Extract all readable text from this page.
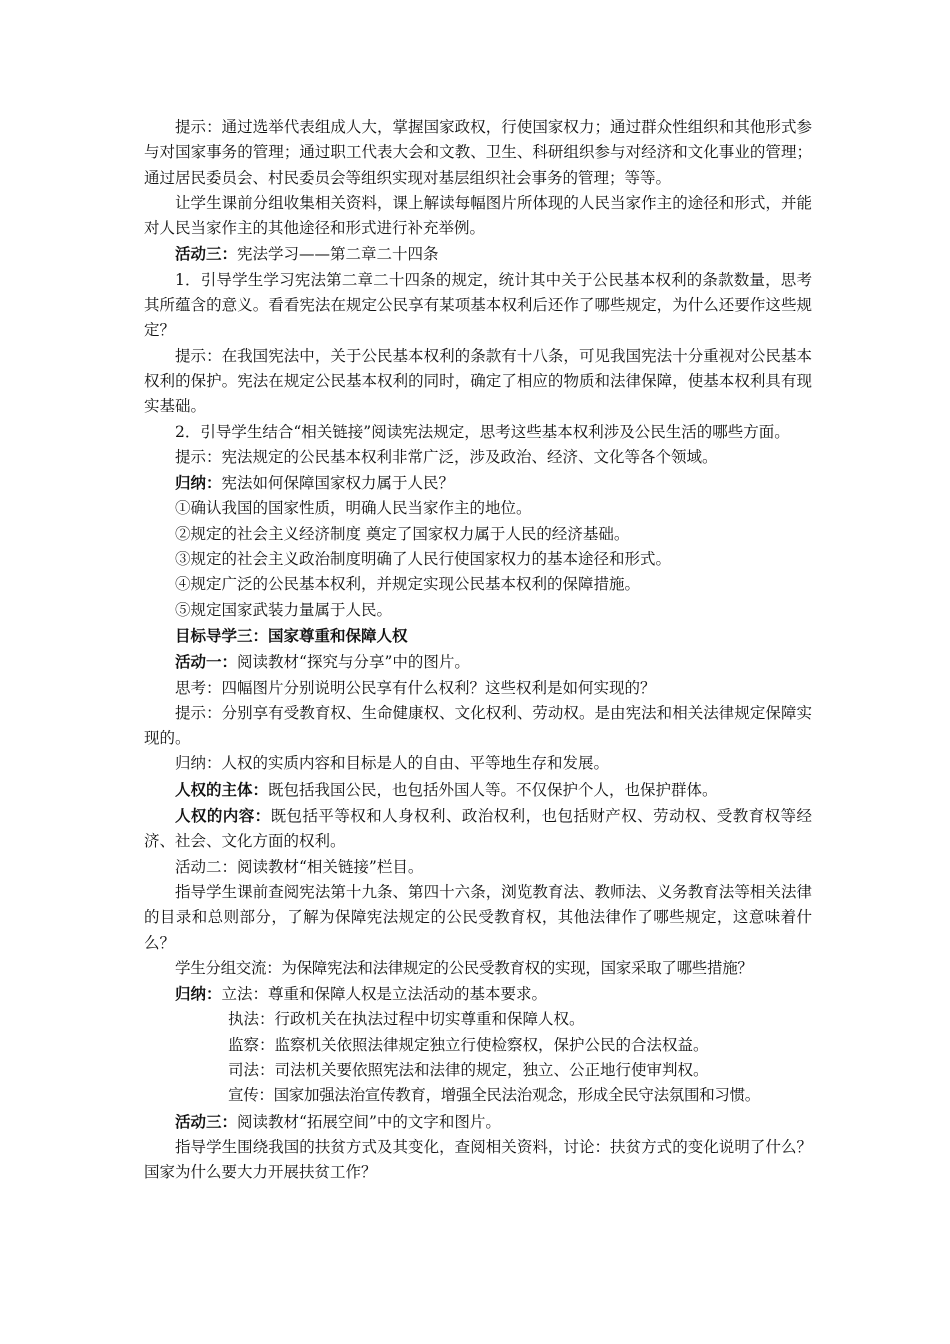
提示：通过选举代表组成人大，掌握国家政权，行使国家权力；通过群众性组织和其他形式参与对国家事务的管理；通过职工代表大会和文教、卫生、科研组织参与对经济和文化事业的管理；通过居民委员会、村民委员会等组织实现对基层组织社会事务的管理；等等。

让学生课前分组收集相关资料，课上解读每幅图片所体现的人民当家作主的途径和形式，并能对人民当家作主的其他途径和形式进行补充举例。

活动三：宪法学习——第二章二十四条

1．引导学生学习宪法第二章二十四条的规定，统计其中关于公民基本权利的条款数量，思考其所蕴含的意义。看看宪法在规定公民享有某项基本权利后还作了哪些规定，为什么还要作这些规定？

提示：在我国宪法中，关于公民基本权利的条款有十八条，可见我国宪法十分重视对公民基本权利的保护。宪法在规定公民基本权利的同时，确定了相应的物质和法律保障，使基本权利具有现实基础。

2．引导学生结合“相关链接”阅读宪法规定，思考这些基本权利涉及公民生活的哪些方面。

提示：宪法规定的公民基本权利非常广泛，涉及政治、经济、文化等各个领域。

归纳：宪法如何保障国家权力属于人民？

①确认我国的国家性质，明确人民当家作主的地位。

②规定的社会主义经济制度 奠定了国家权力属于人民的经济基础。

③规定的社会主义政治制度明确了人民行使国家权力的基本途径和形式。

④规定广泛的公民基本权利，并规定实现公民基本权利的保障措施。

⑤规定国家武装力量属于人民。

目标导学三：国家尊重和保障人权

活动一：阅读教材“探究与分享”中的图片。

思考：四幅图片分别说明公民享有什么权利？这些权利是如何实现的？

提示：分别享有受教育权、生命健康权、文化权利、劳动权。是由宪法和相关法律规定保障实现的。

归纳：人权的实质内容和目标是人的自由、平等地生存和发展。

人权的主体：既包括我国公民，也包括外国人等。不仅保护个人，也保护群体。

人权的内容：既包括平等权和人身权利、政治权利，也包括财产权、劳动权、受教育权等经济、社会、文化方面的权利。

活动二：阅读教材“相关链接”栏目。

指导学生课前查阅宪法第十九条、第四十六条，浏览教育法、教师法、义务教育法等相关法律的目录和总则部分，了解为保障宪法规定的公民受教育权，其他法律作了哪些规定，这意味着什么？

学生分组交流：为保障宪法和法律规定的公民受教育权的实现，国家采取了哪些措施？

归纳：立法：尊重和保障人权是立法活动的基本要求。

执法：行政机关在执法过程中切实尊重和保障人权。

监察：监察机关依照法律规定独立行使检察权，保护公民的合法权益。

司法：司法机关要依照宪法和法律的规定，独立、公正地行使审判权。

宣传：国家加强法治宣传教育，增强全民法治观念，形成全民守法氛围和习惯。

活动三：阅读教材“拓展空间”中的文字和图片。

指导学生围绕我国的扶贫方式及其变化，查阅相关资料，讨论：扶贫方式的变化说明了什么？国家为什么要大力开展扶贫工作？
